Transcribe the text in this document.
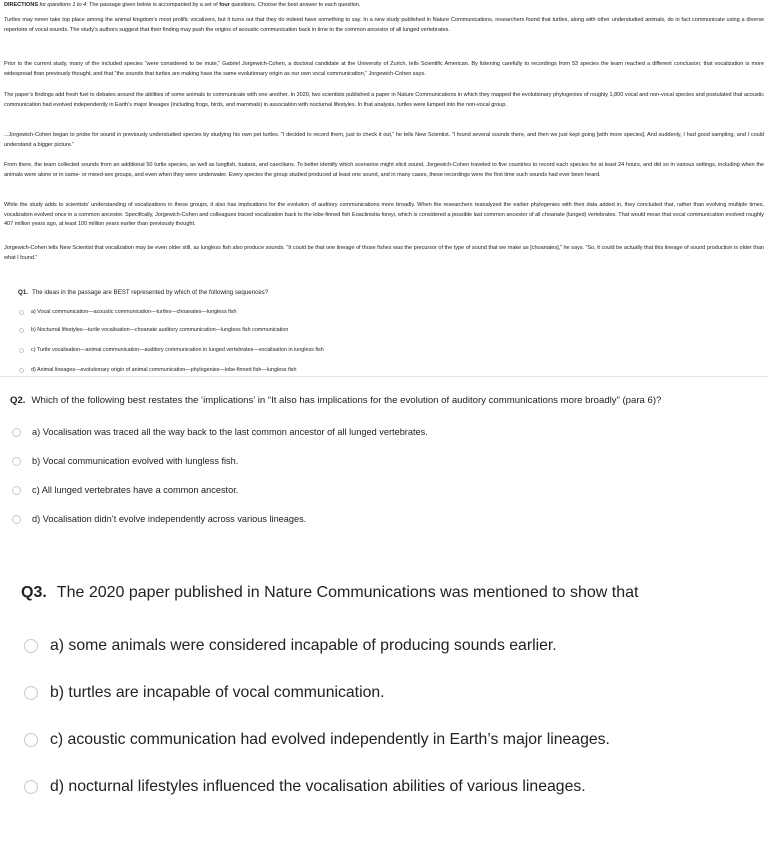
DIRECTIONS for questions 1 to 4: The passage given below is accompanied by a set of four questions. Choose the best answer to each question.

Turtles may never take top place among the animal kingdom’s most prolific vocalizers, but it turns out that they do indeed have something to say. In a new study published in Nature Communications, researchers found that turtles, along with other understudied animals, do in fact communicate using a diverse repertoire of vocal sounds. The study’s authors suggest that their finding may push the origins of acoustic communication back in time to the common ancestor of all lunged vertebrates.

Prior to the current study, many of the included species “were considered to be mute,” Gabriel Jorgewich-Cohen, a doctoral candidate at the University of Zurich, tells Scientific American. By listening carefully to recordings from 53 species the team reached a different conclusion: that vocalization is more widespread than previously thought, and that “the sounds that turtles are making have the same evolutionary origin as our own vocal communication,” Jorgewich-Cohen says.

The paper’s findings add fresh fuel to debates around the abilities of some animals to communicate with one another. In 2020, two scientists published a paper in Nature Communications in which they mapped the evolutionary phylogenies of roughly 1,800 vocal and non-vocal species and postulated that acoustic communication had evolved independently in Earth’s major lineages (including frogs, birds, and mammals) in association with nocturnal lifestyles. In that analysis, turtles were lumped into the non-vocal group.

...Jorgewich-Cohen began to probe for sound in previously understudied species by studying his own pet turtles. “I decided to record them, just to check it out,” he tells New Scientist. “I found several sounds there, and then we just kept going [with more species]. And suddenly, I had good sampling, and I could understand a bigger picture.”

From there, the team collected sounds from an additional 50 turtle species, as well as lungfish, tuatara, and caecilians. To better identify which scenarios might elicit sound, Jorgewich-Cohen traveled to five countries to record each species for at least 24 hours, and did so in various settings, including when the animals were alone or in same- or mixed-sex groups, and even when they were underwater. Every species the group studied produced at least one sound, and in many cases, these recordings were the first time such sounds had ever been heard.

While the study adds to scientists’ understanding of vocalizations in these groups, it also has implications for the evolution of auditory communications more broadly. When the researchers reanalyzed the earlier phylogenies with their data added in, they concluded that, rather than evolving multiple times, vocalization evolved once in a common ancestor. Specifically, Jorgewich-Cohen and colleagues traced vocalization back to the lobe-finned fish Eoactinistia foreyi, which is considered a possible last common ancestor of all choanate (lunged) vertebrates. That would mean that vocal communication evolved roughly 407 million years ago, at least 100 million years earlier than previously thought.

Jorgewich-Cohen tells New Scientist that vocalization may be even older still, as lungless fish also produce sounds. “It could be that one lineage of those fishes was the precursor of the type of sound that we make as [choanates],” he says. “So, it could be actually that this lineage of sound production is older than what I found.”

Q1. The ideas in the passage are BEST represented by which of the following sequences?
a) Vocal communication—acoustic communication—turtles—choanates—lungless fish
b) Nocturnal lifestyles—turtle vocalisation—choanate auditory communication—lungless fish communication
c) Turtle vocalisation—animal communication—auditory communication in lunged vertebrates—vocalisation in lungless fish
d) Animal lineages—evolutionary origin of animal communication—phylogenies—lobe-finned fish—lungless fish
Q2. Which of the following best restates the ‘implications’ in “It also has implications for the evolution of auditory communications more broadly” (para 6)?
a) Vocalisation was traced all the way back to the last common ancestor of all lunged vertebrates.
b) Vocal communication evolved with lungless fish.
c) All lunged vertebrates have a common ancestor.
d) Vocalisation didn’t evolve independently across various lineages.
Q3. The 2020 paper published in Nature Communications was mentioned to show that
a) some animals were considered incapable of producing sounds earlier.
b) turtles are incapable of vocal communication.
c) acoustic communication had evolved independently in Earth’s major lineages.
d) nocturnal lifestyles influenced the vocalisation abilities of various lineages.
